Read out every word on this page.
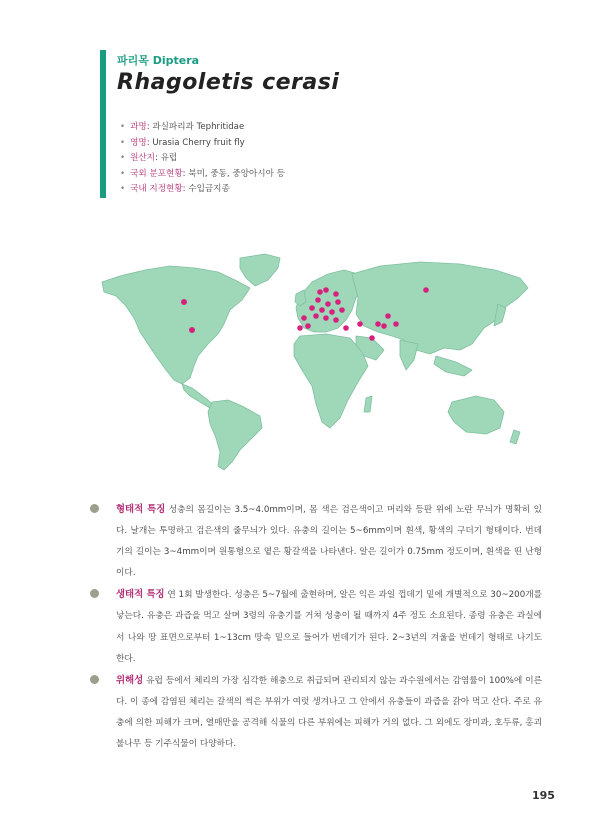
파리목 Diptera
Rhagoletis cerasi
• 과명: 과실파리과 Tephritidae
• 영명: Urasia Cherry fruit fly
• 원산지: 유럽
• 국외 분포현황: 북미, 중동, 중앙아시아 등
• 국내 지정현황: 수입금지종
형태적 특징 성충의 몸길이는 3.5~4.0mm이며, 몸 색은 검은색이고 머리와 등판 위에 노란 무늬가 명확히 있다. 날개는 투명하고 검은색의 줄무늬가 있다. 유충의 길이는 5~6mm이며 흰색, 황색의 구더기 형태이다. 번데기의 길이는 3~4mm이며 원통형으로 옅은 황갈색을 나타낸다. 알은 길이가 0.75mm 정도이며, 흰색을 띤 난형이다.
생태적 특징 연 1회 발생한다. 성충은 5~7월에 출현하며, 알은 익은 과일 껍데기 밑에 개별적으로 30~200개를 낳는다. 유충은 과즙을 먹고 살며 3령의 유충기를 거쳐 성충이 될 때까지 4주 정도 소요된다. 종령 유충은 과실에서 나와 땅 표면으로부터 1~13cm 땅속 밑으로 들어가 번데기가 된다. 2~3년의 겨울을 번데기 형태로 나기도 한다.
위해성 유럽 등에서 체리의 가장 심각한 해충으로 취급되며 관리되지 않는 과수원에서는 감염률이 100%에 이른다. 이 종에 감염된 체리는 갈색의 썩은 부위가 여럿 생겨나고 그 안에서 유충들이 과즙을 갉아 먹고 산다. 주로 유충에 의한 피해가 크며, 열매만을 공격해 식물의 다른 부위에는 피해가 거의 없다. 그 외에도 장미과, 호두류, 홍괴불나무 등 기주식물이 다양하다.
195
